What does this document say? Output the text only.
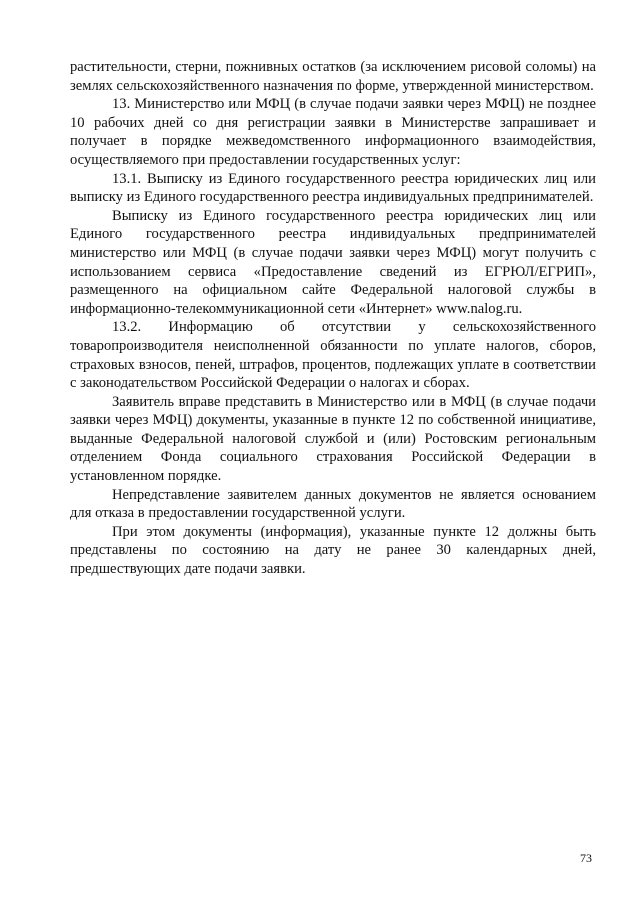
растительности, стерни, пожнивных остатков (за исключением рисовой соломы) на землях сельскохозяйственного назначения по форме, утвержденной министерством.

13. Министерство или МФЦ (в случае подачи заявки через МФЦ) не позднее 10 рабочих дней со дня регистрации заявки в Министерстве запрашивает и получает в порядке межведомственного информационного взаимодействия, осуществляемого при предоставлении государственных услуг:

13.1. Выписку из Единого государственного реестра юридических лиц или выписку из Единого государственного реестра индивидуальных предпринимателей.

Выписку из Единого государственного реестра юридических лиц или Единого государственного реестра индивидуальных предпринимателей министерство или МФЦ (в случае подачи заявки через МФЦ) могут получить с использованием сервиса «Предоставление сведений из ЕГРЮЛ/ЕГРИП», размещенного на официальном сайте Федеральной налоговой службы в информационно-телекоммуникационной сети «Интернет» www.nalog.ru.

13.2. Информацию об отсутствии у сельскохозяйственного товаропроизводителя неисполненной обязанности по уплате налогов, сборов, страховых взносов, пеней, штрафов, процентов, подлежащих уплате в соответствии с законодательством Российской Федерации о налогах и сборах.

Заявитель вправе представить в Министерство или в МФЦ (в случае подачи заявки через МФЦ) документы, указанные в пункте 12 по собственной инициативе, выданные Федеральной налоговой службой и (или) Ростовским региональным отделением Фонда социального страхования Российской Федерации в установленном порядке.

Непредставление заявителем данных документов не является основанием для отказа в предоставлении государственной услуги.

При этом документы (информация), указанные пункте 12 должны быть представлены по состоянию на дату не ранее 30 календарных дней, предшествующих дате подачи заявки.

73
